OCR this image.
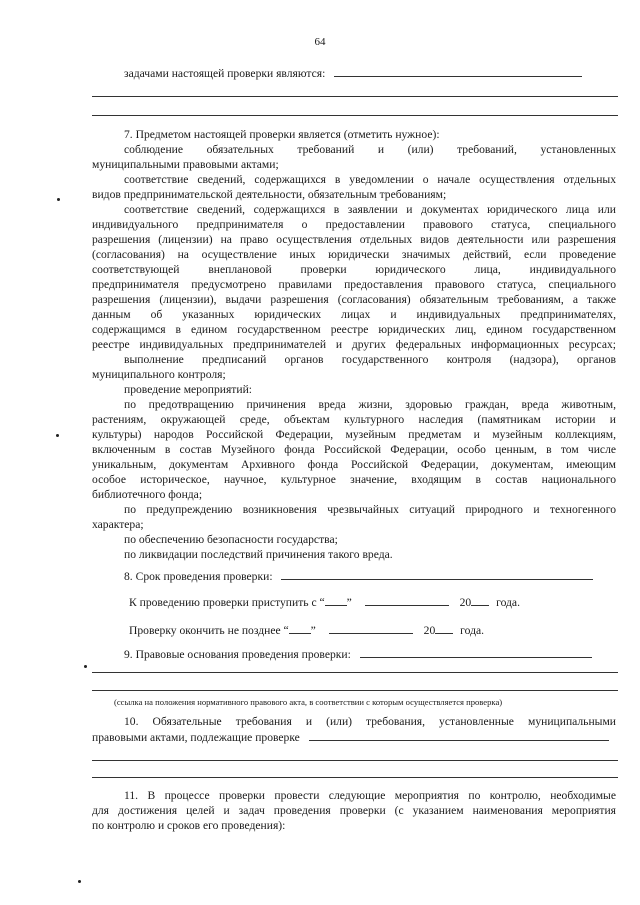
64
задачами настоящей проверки являются:
7. Предметом настоящей проверки является (отметить нужное):
соблюдение обязательных требований и (или) требований, установленных
муниципальными правовыми актами;
соответствие сведений, содержащихся в уведомлении о начале осуществления отдельных
видов предпринимательской деятельности, обязательным требованиям;
соответствие сведений, содержащихся в заявлении и документах юридического лица или
индивидуального предпринимателя о предоставлении правового статуса, специального
разрешения (лицензии) на право осуществления отдельных видов деятельности или разрешения
(согласования) на осуществление иных юридически значимых действий, если проведение
соответствующей внеплановой проверки юридического лица, индивидуального
предпринимателя предусмотрено правилами предоставления правового статуса, специального
разрешения (лицензии), выдачи разрешения (согласования) обязательным требованиям, а также
данным об указанных юридических лицах и индивидуальных предпринимателях,
содержащимся в едином государственном реестре юридических лиц, едином государственном
реестре индивидуальных предпринимателей и других федеральных информационных ресурсах;
выполнение предписаний органов государственного контроля (надзора), органов
муниципального контроля;
проведение мероприятий:
по предотвращению причинения вреда жизни, здоровью граждан, вреда животным,
растениям, окружающей среде, объектам культурного наследия (памятникам истории и
культуры) народов Российской Федерации, музейным предметам и музейным коллекциям,
включенным в состав Музейного фонда Российской Федерации, особо ценным, в том числе
уникальным, документам Архивного фонда Российской Федерации, документам, имеющим
особое историческое, научное, культурное значение, входящим в состав национального
библиотечного фонда;
по предупреждению возникновения чрезвычайных ситуаций природного и техногенного
характера;
по обеспечению безопасности государства;
по ликвидации последствий причинения такого вреда.
8. Срок проведения проверки:
К проведению проверки приступить с “ ”	20 года.
Проверку окончить не позднее “ ”	20 года.
9. Правовые основания проведения проверки:
(ссылка на положения нормативного правового акта, в соответствии с которым осуществляется проверка)
10. Обязательные требования и (или) требования, установленные муниципальными
правовыми актами, подлежащие проверке
11. В процессе проверки провести следующие мероприятия по контролю, необходимые
для достижения целей и задач проведения проверки (с указанием наименования мероприятия
по контролю и сроков его проведения):
